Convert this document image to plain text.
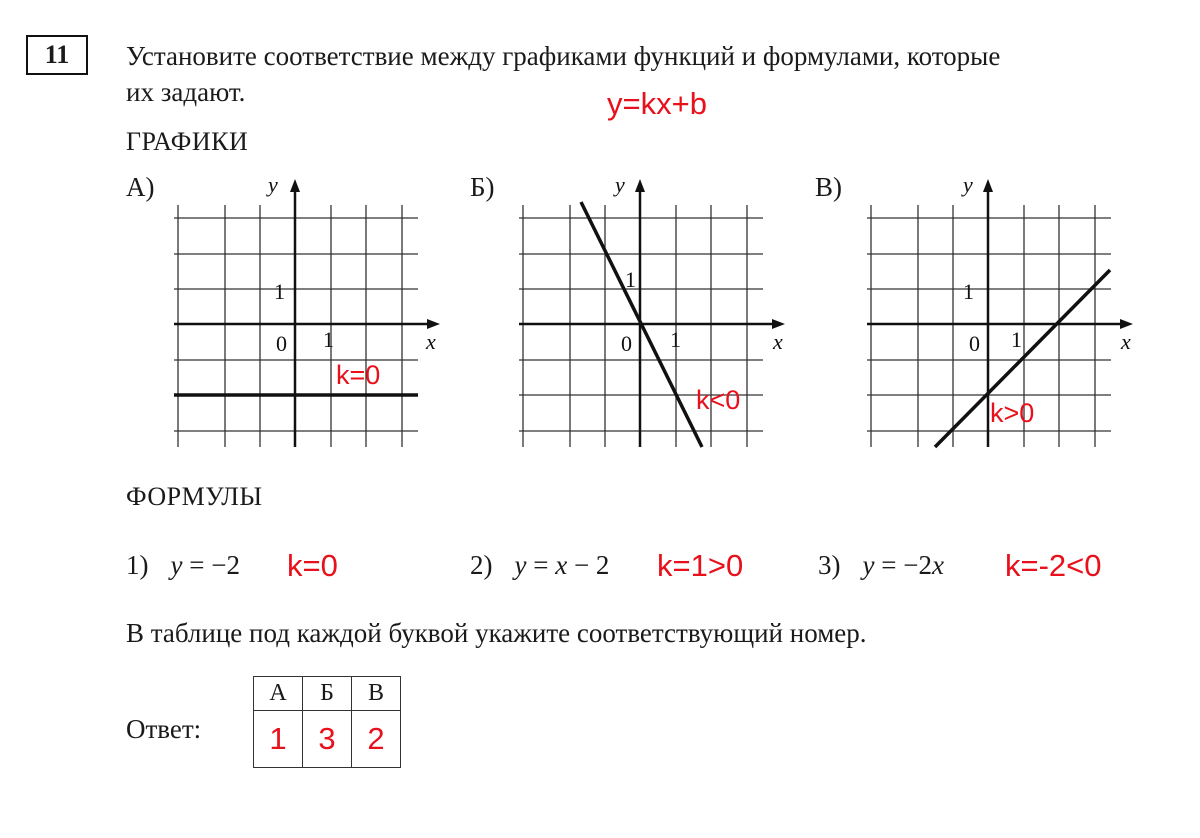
11	Установите соответствие между графиками функций и формулами, которые
их задают.	y=kx+b
ГРАФИКИ
А)	Б)	В)
y
x
0 1
1
k=0
y
x
0 1
1
k<0
y
x
0 1
1
k>0
ФОРМУЛЫ
1) y = −2 k=0	2) y = x − 2 k=1>0	3) y = −2x k=-2<0
В таблице под каждой буквой укажите соответствующий номер.
Ответ:
А	Б	В
1	3	2
